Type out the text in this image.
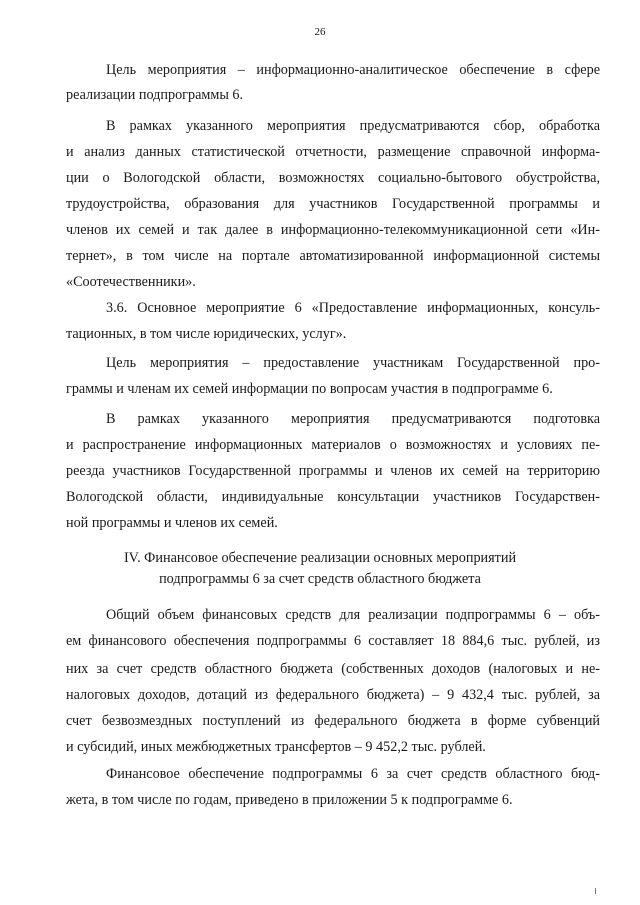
26
Цель мероприятия – информационно-аналитическое обеспечение в сфере
реализации подпрограммы 6.
В рамках указанного мероприятия предусматриваются сбор, обработка
и анализ данных статистической отчетности, размещение справочной информа-
ции о Вологодской области, возможностях социально-бытового обустройства,
трудоустройства, образования для участников Государственной программы и
членов их семей и так далее в информационно-телекоммуникационной сети «Ин-
тернет», в том числе на портале автоматизированной информационной системы
«Соотечественники».
3.6. Основное мероприятие 6 «Предоставление информационных, консуль-
тационных, в том числе юридических, услуг».
Цель мероприятия – предоставление участникам Государственной про-
граммы и членам их семей информации по вопросам участия в подпрограмме 6.
В рамках указанного мероприятия предусматриваются подготовка
и распространение информационных материалов о возможностях и условиях пе-
реезда участников Государственной программы и членов их семей на территорию
Вологодской области, индивидуальные консультации участников Государствен-
ной программы и членов их семей.
IV. Финансовое обеспечение реализации основных мероприятий
подпрограммы 6 за счет средств областного бюджета
Общий объем финансовых средств для реализации подпрограммы 6 – объ-
ем финансового обеспечения подпрограммы 6 составляет 18 884,6 тыс. рублей, из
них за счет средств областного бюджета (собственных доходов (налоговых и не-
налоговых доходов, дотаций из федерального бюджета) – 9 432,4 тыс. рублей, за
счет безвозмездных поступлений из федерального бюджета в форме субвенций
и субсидий, иных межбюджетных трансфертов – 9 452,2 тыс. рублей.
Финансовое обеспечение подпрограммы 6 за счет средств областного бюд-
жета, в том числе по годам, приведено в приложении 5 к подпрограмме 6.
